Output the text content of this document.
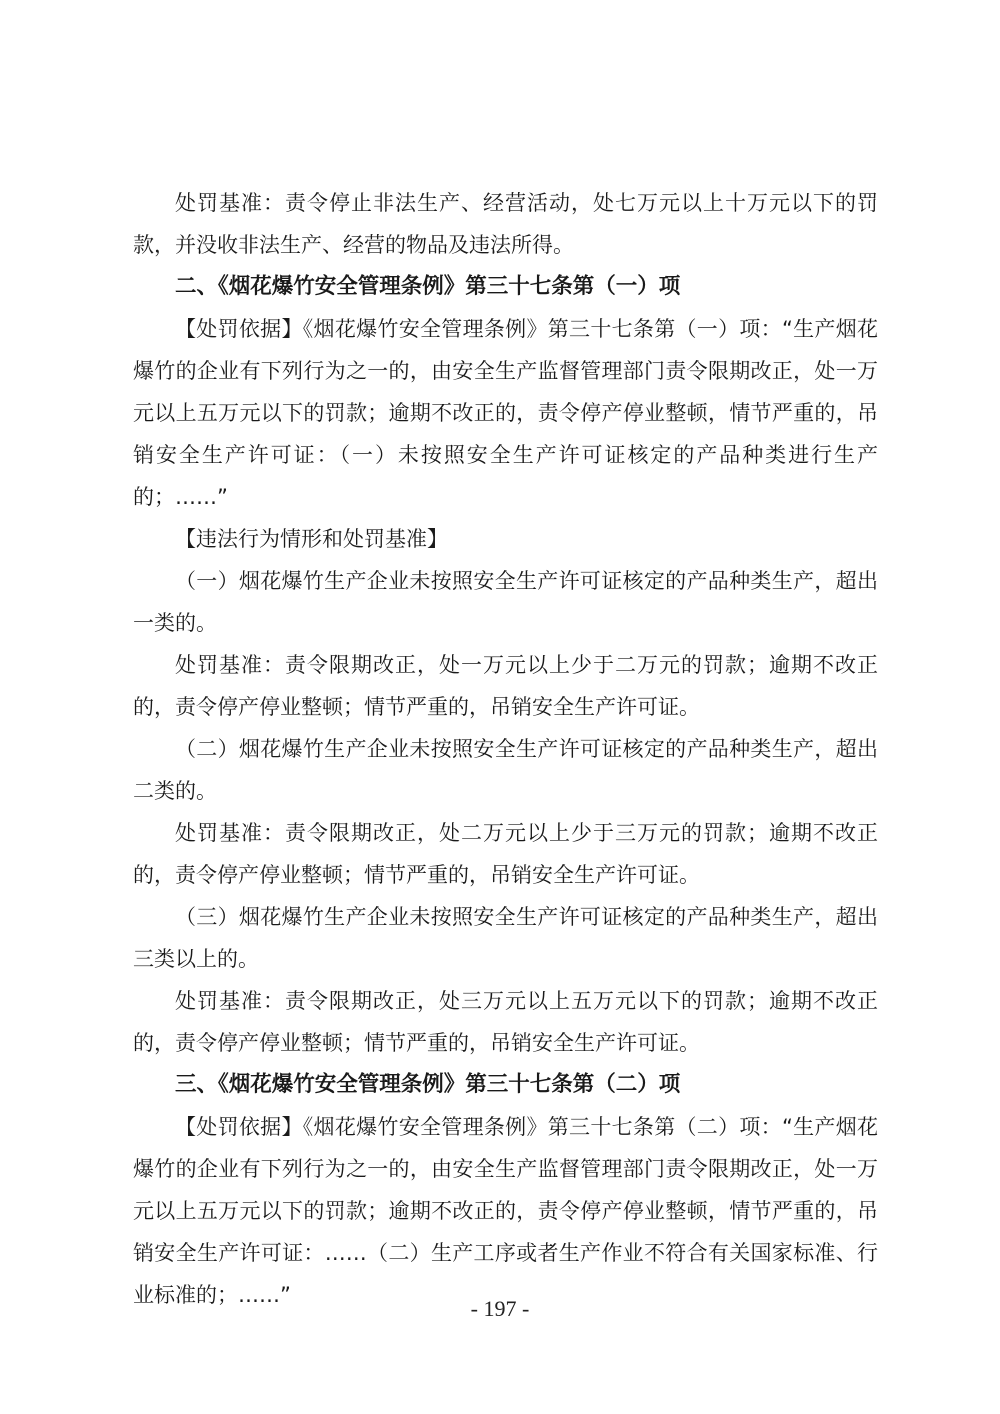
处罚基准：责令停止非法生产、经营活动，处七万元以上十万元以下的罚款，并没收非法生产、经营的物品及违法所得。

二、《烟花爆竹安全管理条例》第三十七条第（一）项

【处罚依据】《烟花爆竹安全管理条例》第三十七条第（一）项：“生产烟花爆竹的企业有下列行为之一的，由安全生产监督管理部门责令限期改正，处一万元以上五万元以下的罚款；逾期不改正的，责令停产停业整顿，情节严重的，吊销安全生产许可证：（一）未按照安全生产许可证核定的产品种类进行生产的；……”

【违法行为情形和处罚基准】

（一）烟花爆竹生产企业未按照安全生产许可证核定的产品种类生产，超出一类的。

处罚基准：责令限期改正，处一万元以上少于二万元的罚款；逾期不改正的，责令停产停业整顿；情节严重的，吊销安全生产许可证。

（二）烟花爆竹生产企业未按照安全生产许可证核定的产品种类生产，超出二类的。

处罚基准：责令限期改正，处二万元以上少于三万元的罚款；逾期不改正的，责令停产停业整顿；情节严重的，吊销安全生产许可证。

（三）烟花爆竹生产企业未按照安全生产许可证核定的产品种类生产，超出三类以上的。

处罚基准：责令限期改正，处三万元以上五万元以下的罚款；逾期不改正的，责令停产停业整顿；情节严重的，吊销安全生产许可证。

三、《烟花爆竹安全管理条例》第三十七条第（二）项

【处罚依据】《烟花爆竹安全管理条例》第三十七条第（二）项：“生产烟花爆竹的企业有下列行为之一的，由安全生产监督管理部门责令限期改正，处一万元以上五万元以下的罚款；逾期不改正的，责令停产停业整顿，情节严重的，吊销安全生产许可证：……（二）生产工序或者生产作业不符合有关国家标准、行业标准的；……”

- 197 -
